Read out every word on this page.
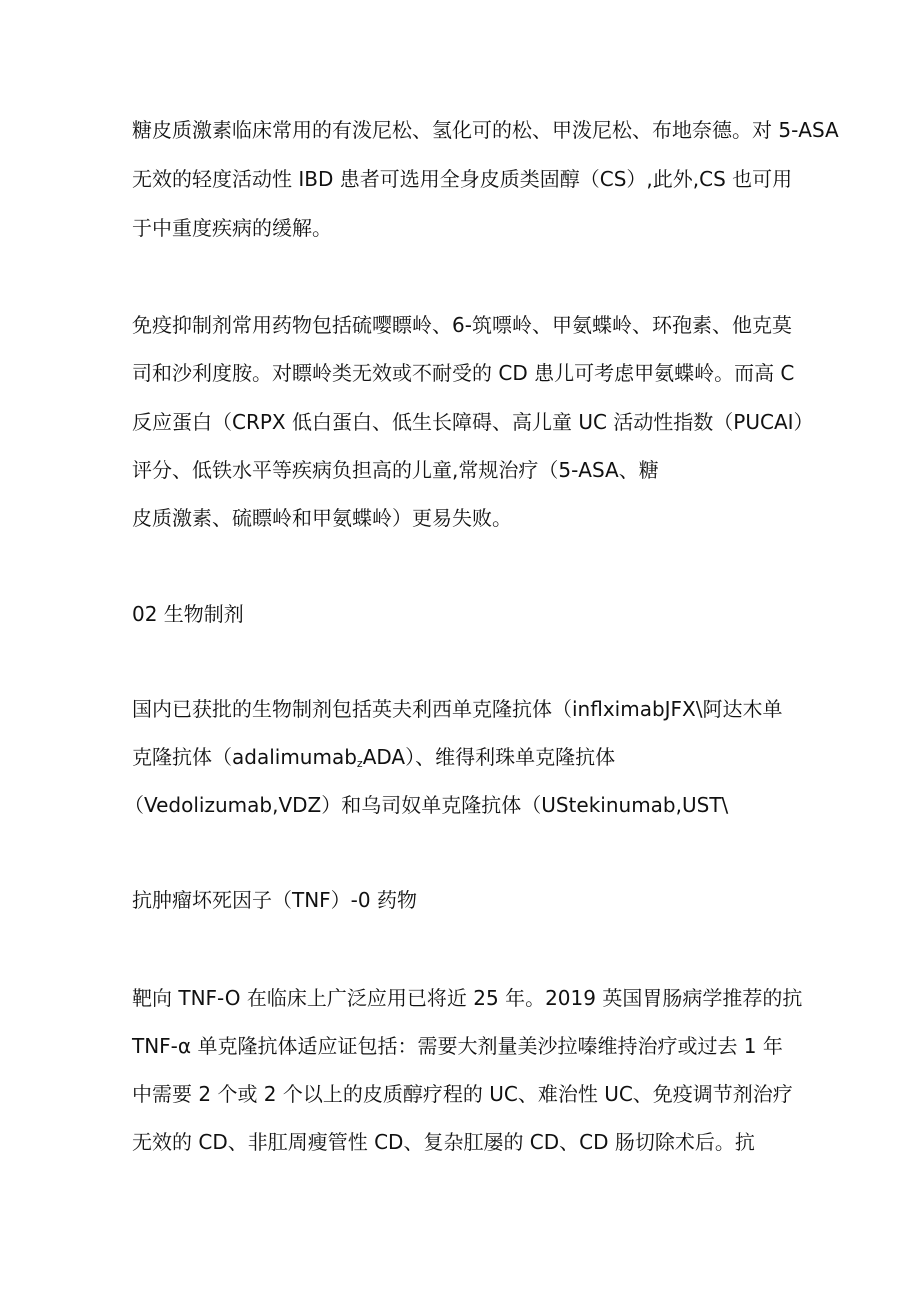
糖皮质激素临床常用的有泼尼松、氢化可的松、甲泼尼松、布地奈德。对 5-ASA
无效的轻度活动性 IBD 患者可选用全身皮质类固醇（CS）,此外,CS 也可用
于中重度疾病的缓解。
免疫抑制剂常用药物包括硫嘤瞟岭、6-筑嘌岭、甲氨蝶岭、环孢素、他克莫
司和沙利度胺。对瞟岭类无效或不耐受的 CD 患儿可考虑甲氨蝶岭。而高 C
反应蛋白（CRPX 低白蛋白、低生长障碍、高儿童 UC 活动性指数（PUCAI）
评分、低铁水平等疾病负担高的儿童,常规治疗（5-ASA、糖
皮质激素、硫瞟岭和甲氨蝶岭）更易失败。
02 生物制剂
国内已获批的生物制剂包括英夫利西单克隆抗体（inflximabJFX\阿达木单
克隆抗体（adalimumab$_z$ADA）、维得利珠单克隆抗体
（Vedolizumab,VDZ）和乌司奴单克隆抗体（UStekinumab,UST\
抗肿瘤坏死因子（TNF）-0 药物
靶向 TNF-O 在临床上广泛应用已将近 25 年。2019 英国胃肠病学推荐的抗
TNF-α 单克隆抗体适应证包括：需要大剂量美沙拉嗪维持治疗或过去 1 年
中需要 2 个或 2 个以上的皮质醇疗程的 UC、难治性 UC、免疫调节剂治疗
无效的 CD、非肛周瘦管性 CD、复杂肛屡的 CD、CD 肠切除术后。抗
